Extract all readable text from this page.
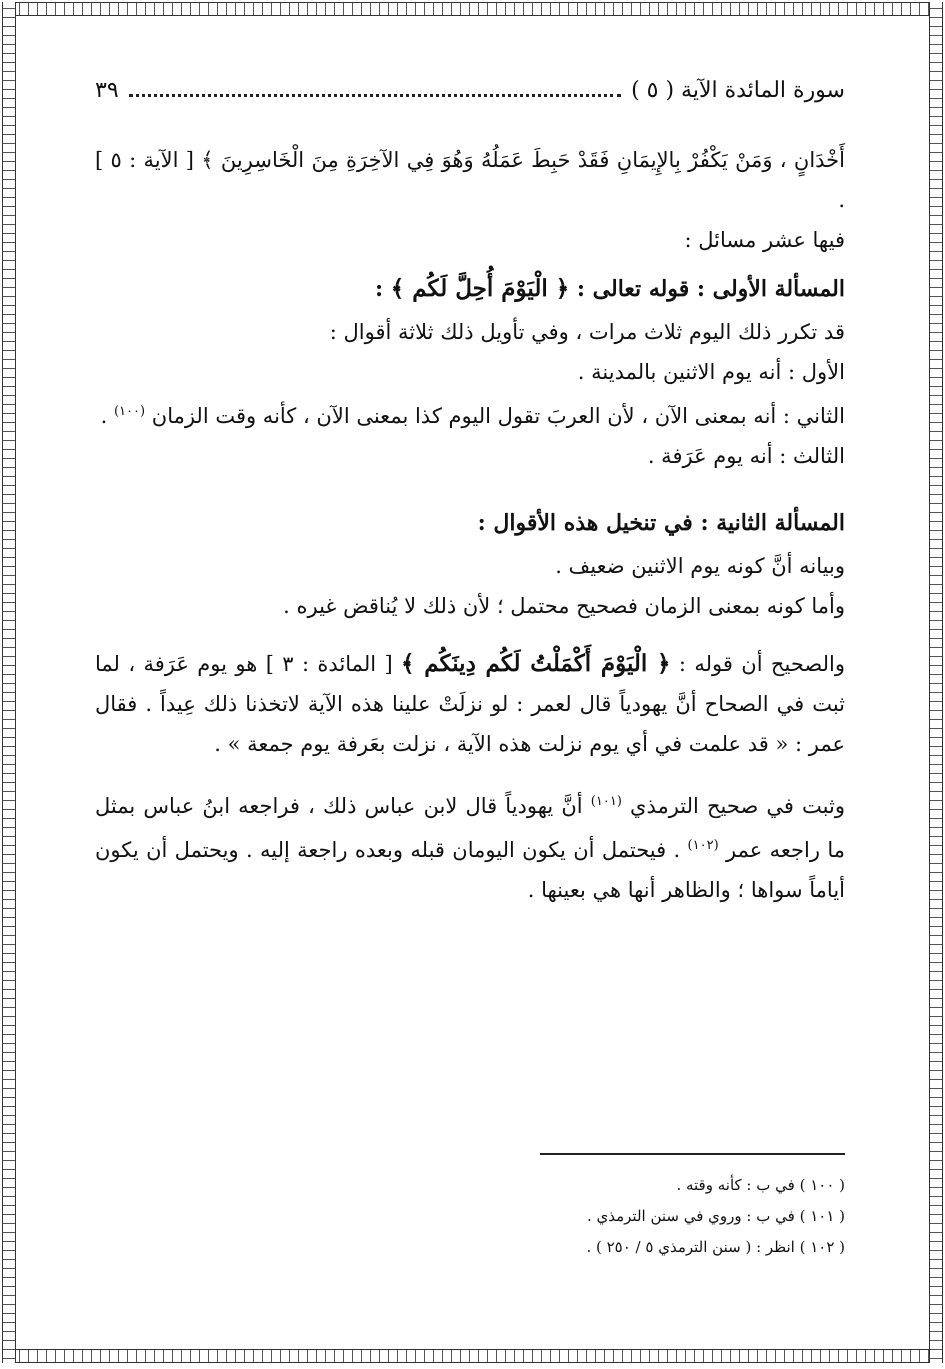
سورة المائدة الآية ( ٥ )
٣٩

أَخْدَانٍ ، وَمَنْ يَكْفُرْ بِالإِيمَانِ فَقَدْ حَبِطَ عَمَلُهُ وَهُوَ فِي الآخِرَةِ مِنَ الْخَاسِرِينَ ﴾ [ الآية : ٥ ] .

فيها عشر مسائل :

المسألة الأولى : قوله تعالى : ﴿ الْيَوْمَ أُحِلَّ لَكُم ﴾ :

قد تكرر ذلك اليوم ثلاث مرات ، وفي تأويل ذلك ثلاثة أقوال :

الأول : أنه يوم الاثنين بالمدينة .

الثاني : أنه بمعنى الآن ، لأن العربَ تقول اليوم كذا بمعنى الآن ، كأنه وقت الزمان $^{(١٠٠)}$ .

الثالث : أنه يوم عَرَفة .

المسألة الثانية : في تنخيل هذه الأقوال :

وبيانه أنَّ كونه يوم الاثنين ضعيف .

وأما كونه بمعنى الزمان فصحيح محتمل ؛ لأن ذلك لا يُناقض غيره .

والصحيح أن قوله : ﴿ الْيَوْمَ أَكْمَلْتُ لَكُم دِينَكُم ﴾ [ المائدة : ٣ ] هو يوم عَرَفة ، لما ثبت في الصحاح أنَّ يهودياً قال لعمر : لو نزلَتْ علينا هذه الآية لاتخذنا ذلك عِيداً . فقال عمر : « قد علمت في أي يوم نزلت هذه الآية ، نزلت بعَرفة يوم جمعة » .

وثبت في صحيح الترمذي $^{(١٠١)}$ أنَّ يهودياً قال لابن عباس ذلك ، فراجعه ابنُ عباس بمثل ما راجعه عمر $^{(١٠٢)}$ . فيحتمل أن يكون اليومان قبله وبعده راجعة إليه . ويحتمل أن يكون أياماً سواها ؛ والظاهر أنها هي بعينها .

( ١٠٠ ) في ب : كأنه وقته .
( ١٠١ ) في ب : وروي في سنن الترمذي .
( ١٠٢ ) انظر : ( سنن الترمذي ٥ / ٢٥٠ ) .
